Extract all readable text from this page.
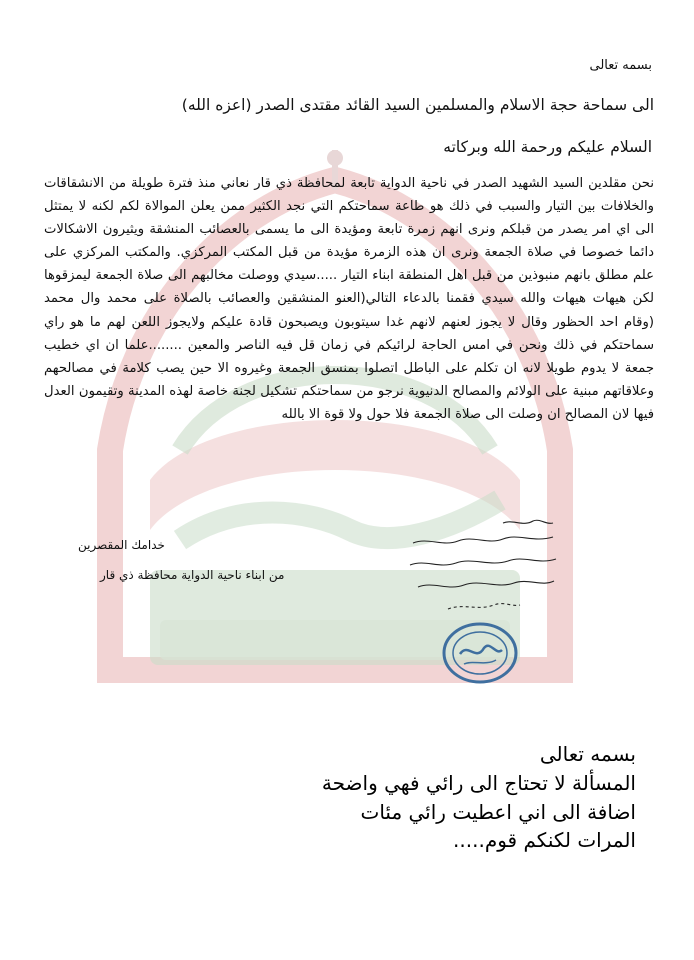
بسمه تعالى
الى سماحة حجة الاسلام والمسلمين السيد القائد مقتدى الصدر (اعزه الله)
السلام عليكم ورحمة الله وبركاته
نحن مقلدين السيد الشهيد الصدر في ناحية الدواية تابعة لمحافظة ذي قار نعاني منذ فترة طويلة من الانشقاقات والخلافات بين التيار والسبب في ذلك هو طاعة سماحتكم التي نجد الكثير ممن يعلن الموالاة لكم لكنه لا يمتثل الى اي امر يصدر من قبلكم ونرى انهم زمرة تابعة ومؤيدة الى ما يسمى بالعصائب المنشقة ويثيرون الاشكالات دائما خصوصا في صلاة الجمعة ونرى ان هذه الزمرة مؤيدة من قبل المكتب المركزي. والمكتب المركزي على علم مطلق بانهم منبوذين من قبل اهل المنطقة ابناء التيار .....سيدي ووصلت مخالبهم الى صلاة الجمعة ليمزقوها لكن هيهات هيهات والله سيدي فقمنا بالدعاء التالي(العنو المنشقين والعصائب بالصلاة على محمد وال محمد (وقام احد الحظور وقال لا يجوز لعنهم لانهم غدا سيتوبون ويصبحون قادة عليكم ولايجوز اللعن لهم ما هو راي سماحتكم في ذلك ونحن في امس الحاجة لرائيكم في زمان قل فيه الناصر والمعين ........علما ان اي خطيب جمعة لا يدوم طويلا لانه ان تكلم على الباطل اتصلوا بمنسق الجمعة وغيروه الا حين يصب كلامة في مصالحهم وعلاقاتهم مبنية على الولائم والمصالح الدنيوية نرجو من سماحتكم تشكيل لجنة خاصة لهذه المدينة وتقيمون العدل فيها لان المصالح ان وصلت الى صلاة الجمعة فلا حول ولا قوة الا بالله
خدامك المقصرين
من ابناء ناحية الدواية محافظة ذي قار
بسمه تعالى
المسألة لا تحتاج الى رائي فهي واضحة
اضافة الى اني اعطيت رائي مئات
المرات لكنكم قوم.....
